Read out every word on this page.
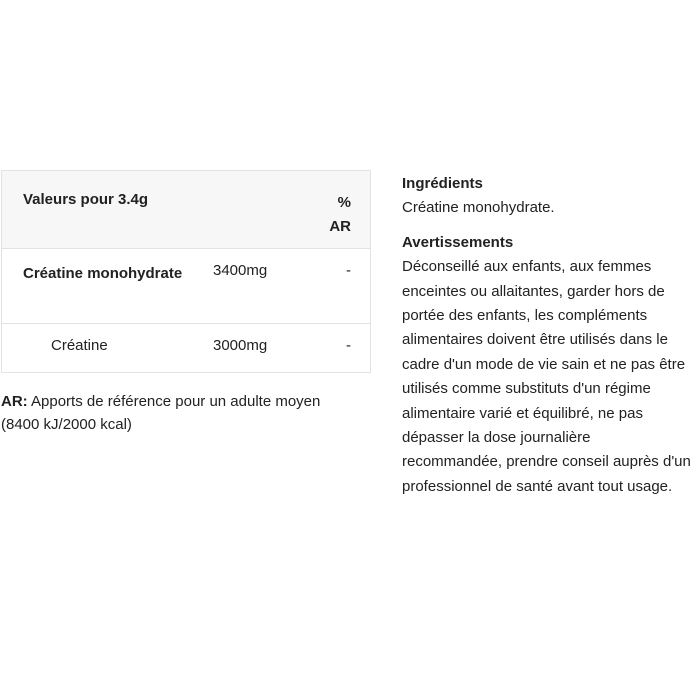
Valeurs pour 3.4g		%
AR

Créatine monohydrate	3400mg	-
Créatine	3000mg	-
AR: Apports de référence pour un adulte moyen (8400 kJ/2000 kcal)
Ingrédients
Créatine monohydrate.
Avertissements
Déconseillé aux enfants, aux femmes enceintes ou allaitantes, garder hors de portée des enfants, les compléments alimentaires doivent être utilisés dans le cadre d'un mode de vie sain et ne pas être utilisés comme substituts d'un régime alimentaire varié et équilibré, ne pas dépasser la dose journalière recommandée, prendre conseil auprès d'un professionnel de santé avant tout usage.
